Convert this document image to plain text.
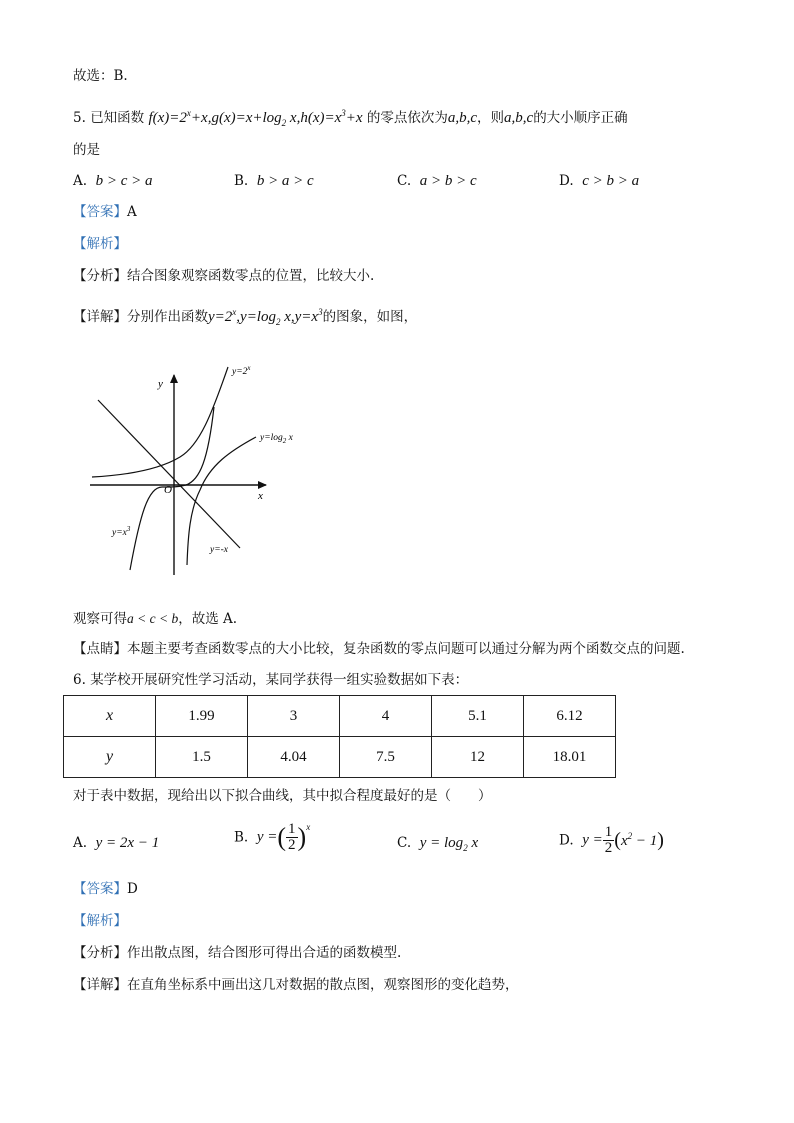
故选：B.
5. 已知函数 $f(x)=2^x+x,g(x)=x+\log_2$ $x,h(x)=x^3+x$ 的零点依次为a,b,c，则a,b,c的大小顺序正确
的是
A. b > c > a	B. b > a > c	C. a > b > c	D. c > b > a
【答案】A
【解析】
【分析】结合图象观察函数零点的位置，比较大小.
【详解】分别作出函数$y=2^x,y=\log_2$ $x,y=x^3$的图象，如图，
y
x
O
$y=2^x$
$y=\log_2$ x
$y=x^3$
y=-x
观察可得a < c < b，故选 A.
【点睛】本题主要考查函数零点的大小比较，复杂函数的零点问题可以通过分解为两个函数交点的问题.
6. 某学校开展研究性学习活动，某同学获得一组实验数据如下表：
x	1.99	3	4	5.1	6.12
y	1.5	4.04	7.5	12	18.01
对于表中数据，现给出以下拟合曲线，其中拟合程度最好的是（　　）
A. y = 2x − 1	B. y =( $\frac{1}{2} )^x$
C. $y = \log_2 x$	D. $y = \frac{1}{2} (x^2 - 1)$
【答案】D
【解析】
【分析】作出散点图，结合图形可得出合适的函数模型.
【详解】在直角坐标系中画出这几对数据的散点图，观察图形的变化趋势，
